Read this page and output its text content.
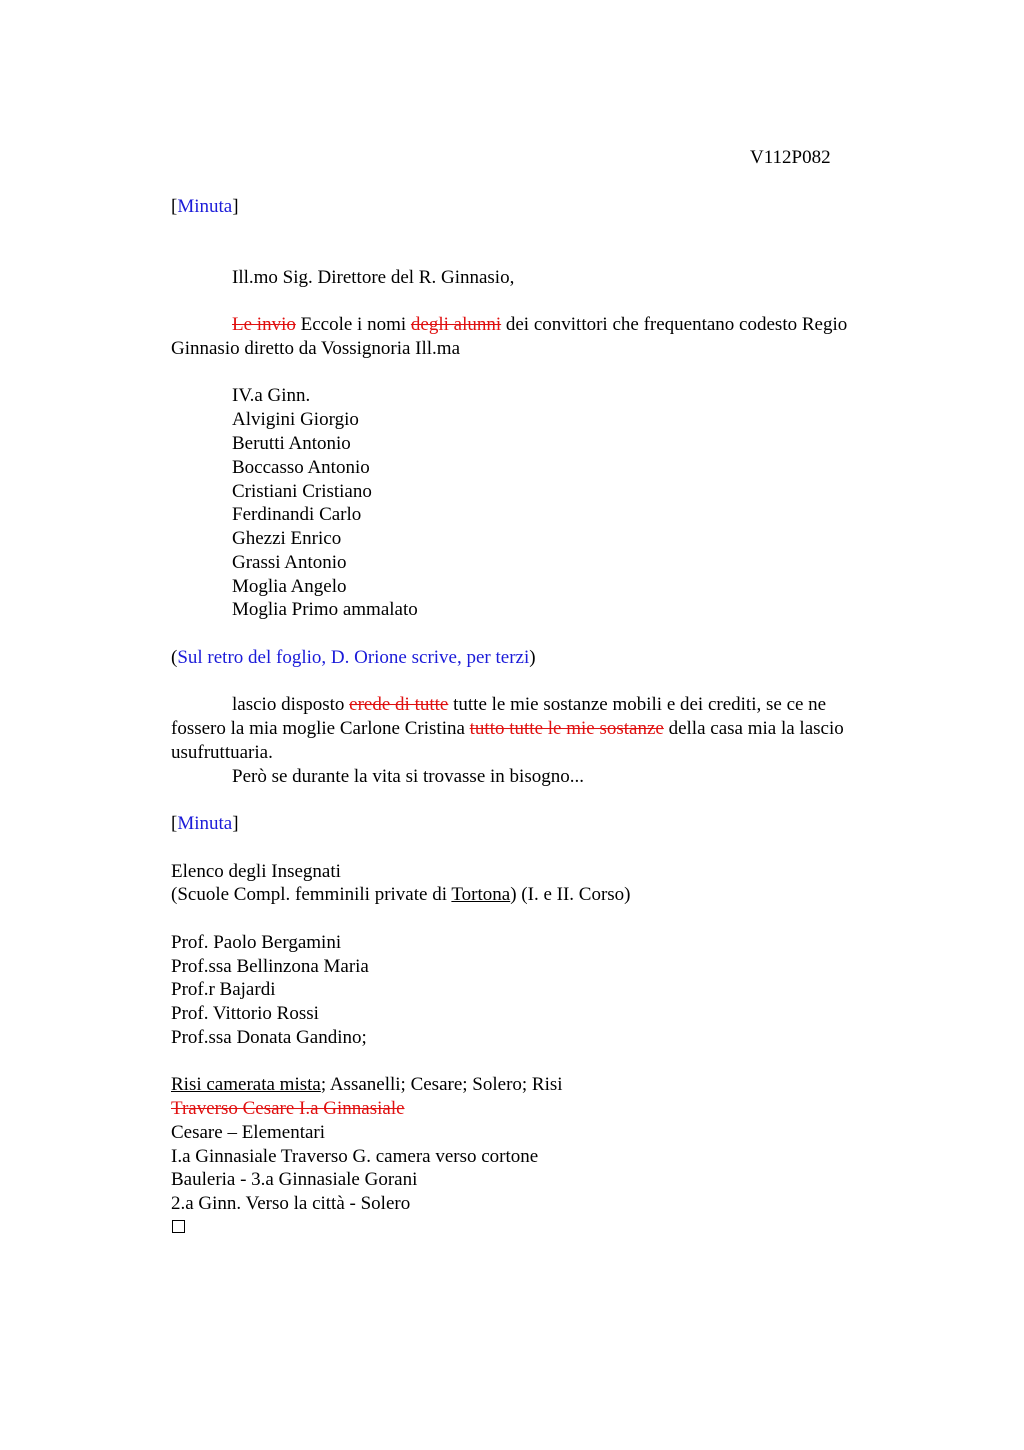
V112P082
[Minuta]
Ill.mo Sig. Direttore del R. Ginnasio,
Le invio Eccole i nomi degli alunni dei convittori che frequentano codesto Regio
Ginnasio diretto da Vossignoria Ill.ma
IV.a Ginn.
Alvigini Giorgio
Berutti Antonio
Boccasso Antonio
Cristiani Cristiano
Ferdinandi Carlo
Ghezzi Enrico
Grassi Antonio
Moglia Angelo
Moglia Primo ammalato
(Sul retro del foglio, D. Orione scrive, per terzi)
lascio disposto erede di tutte tutte le mie sostanze mobili e dei crediti, se ce ne
fossero la mia moglie Carlone Cristina tutto tutte le mie sostanze della casa mia la lascio
usufruttuaria.
Però se durante la vita si trovasse in bisogno...
[Minuta]
Elenco degli Insegnati
(Scuole Compl. femminili private di Tortona) (I. e II. Corso)
Prof. Paolo Bergamini
Prof.ssa Bellinzona Maria
Prof.r Bajardi
Prof. Vittorio Rossi
Prof.ssa Donata Gandino;
Risi camerata mista; Assanelli; Cesare; Solero; Risi
Traverso Cesare I.a Ginnasiale
Cesare – Elementari
I.a Ginnasiale Traverso G. camera verso cortone
Bauleria - 3.a Ginnasiale Gorani
2.a Ginn. Verso la città - Solero
